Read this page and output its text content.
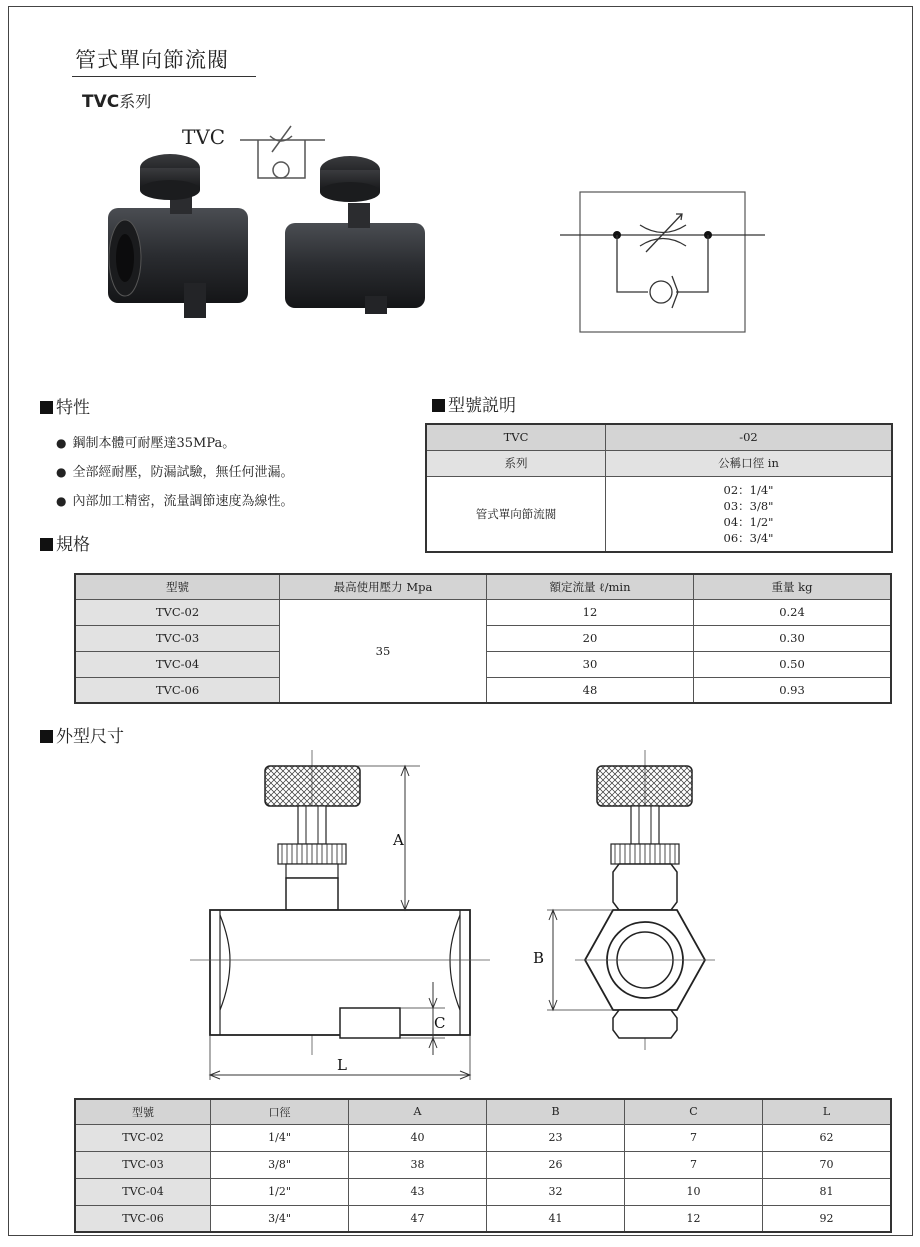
管式單向節流閥
TVC系列
TVC
特性
● 鋼制本體可耐壓達35MPa。
● 全部經耐壓，防漏試驗，無任何泄漏。
● 內部加工精密，流量調節速度為線性。
型號説明
TVC	-02
系列	公稱口徑 in
管式單向節流閥	02：1/4"
03：3/8"
04：1/2"
06：3/4"
規格
型號	最高使用壓力 Mpa	額定流量 ℓ/min	重量 kg
TVC-02	35	12	0.24
TVC-03		20	0.30
TVC-04		30	0.50
TVC-06		48	0.93
外型尺寸
A
C
L
B
型號	口徑	A	B	C	L
TVC-02	1/4"	40	23	7	62
TVC-03	3/8"	38	26	7	70
TVC-04	1/2"	43	32	10	81
TVC-06	3/4"	47	41	12	92
